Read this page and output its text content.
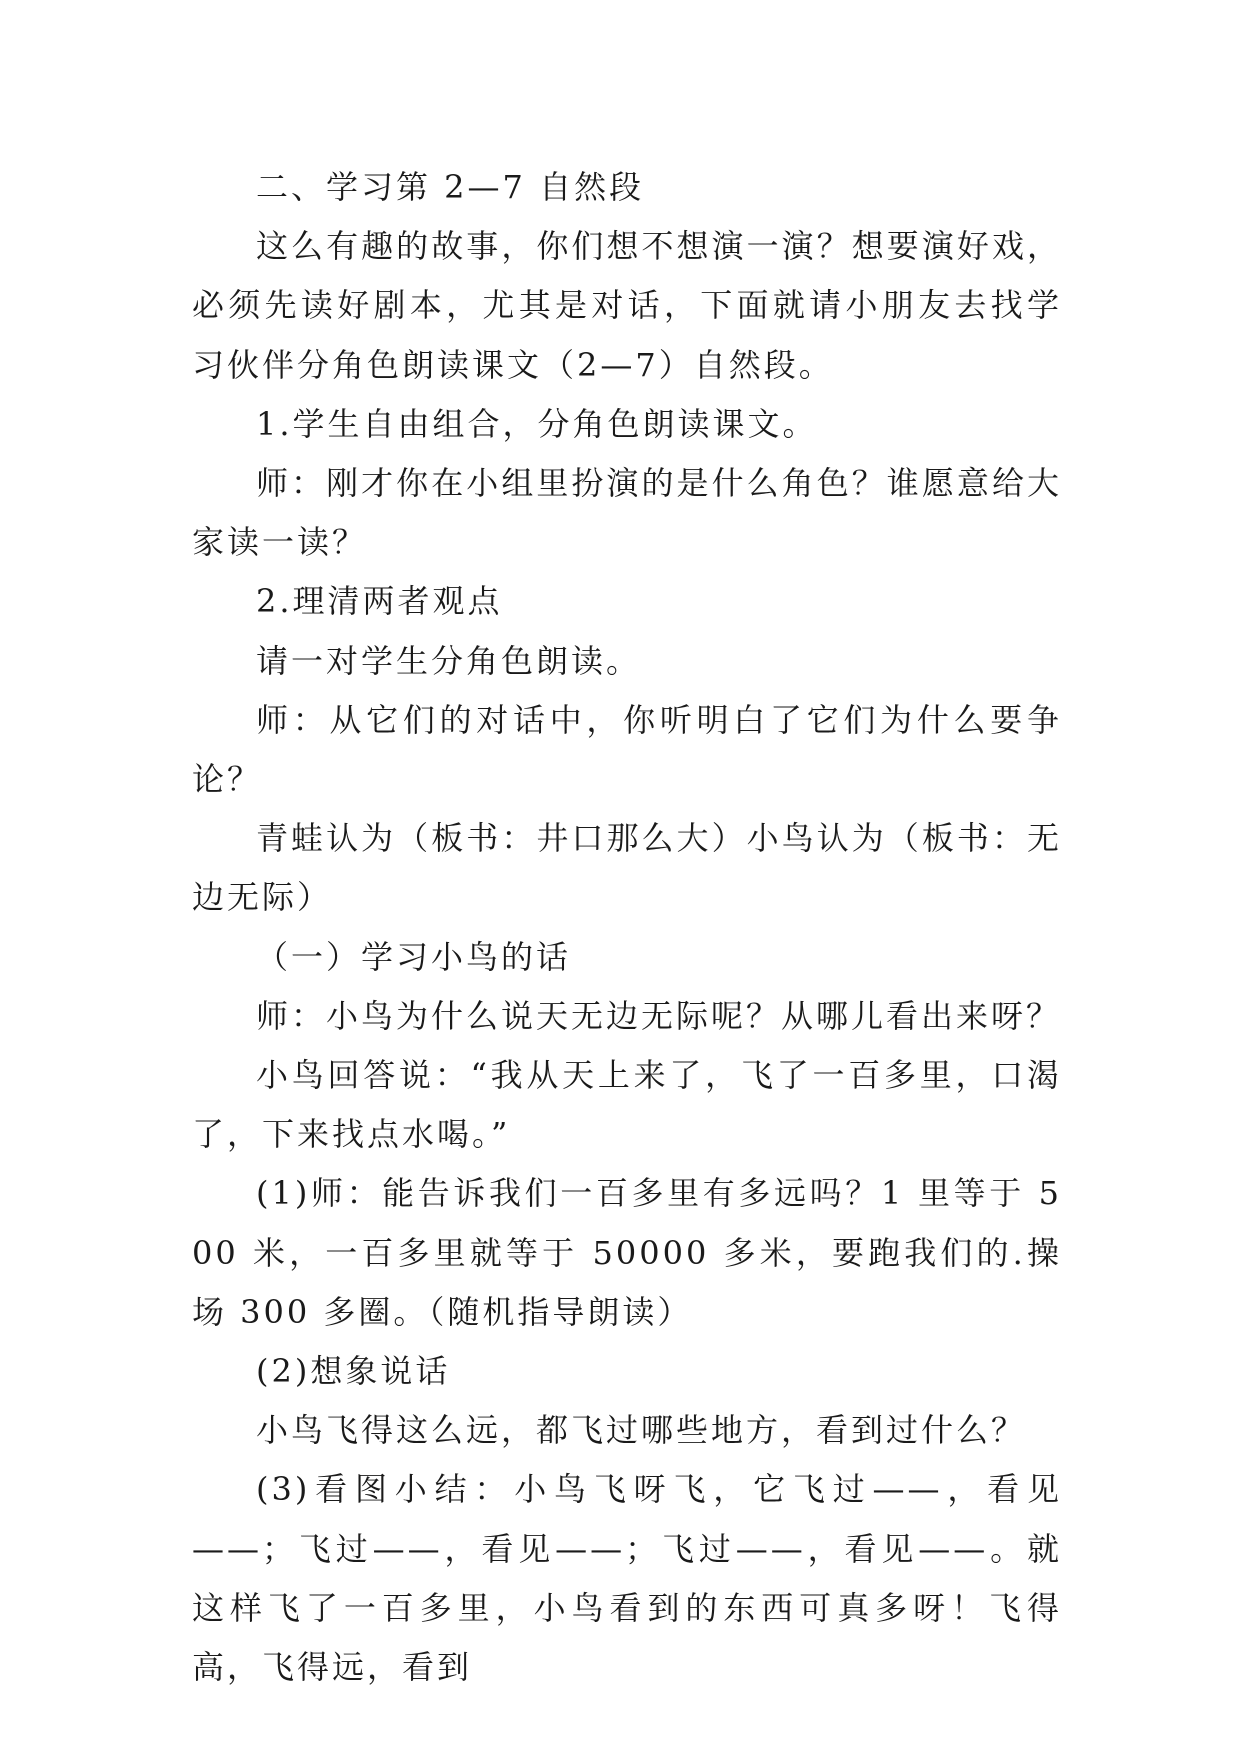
二、学习第 2—7 自然段

这么有趣的故事，你们想不想演一演？想要演好戏，必须先读好剧本，尤其是对话，下面就请小朋友去找学习伙伴分角色朗读课文（2—7）自然段。

1.学生自由组合，分角色朗读课文。

师：刚才你在小组里扮演的是什么角色？谁愿意给大家读一读？

2.理清两者观点

请一对学生分角色朗读。

师：从它们的对话中，你听明白了它们为什么要争论？

青蛙认为（板书：井口那么大）小鸟认为（板书：无边无际）

（一）学习小鸟的话

师：小鸟为什么说天无边无际呢？从哪儿看出来呀？

小鸟回答说：“我从天上来了，飞了一百多里，口渴了，下来找点水喝。”

(1)师：能告诉我们一百多里有多远吗？1 里等于 500 米，一百多里就等于 50000 多米，要跑我们的.操场 300 多圈。（随机指导朗读）

(2)想象说话

小鸟飞得这么远，都飞过哪些地方，看到过什么？

(3)看图小结：小鸟飞呀飞，它飞过——，看见——；飞过——，看见——；飞过——，看见——。就这样飞了一百多里，小鸟看到的东西可真多呀！飞得高，飞得远，看到
